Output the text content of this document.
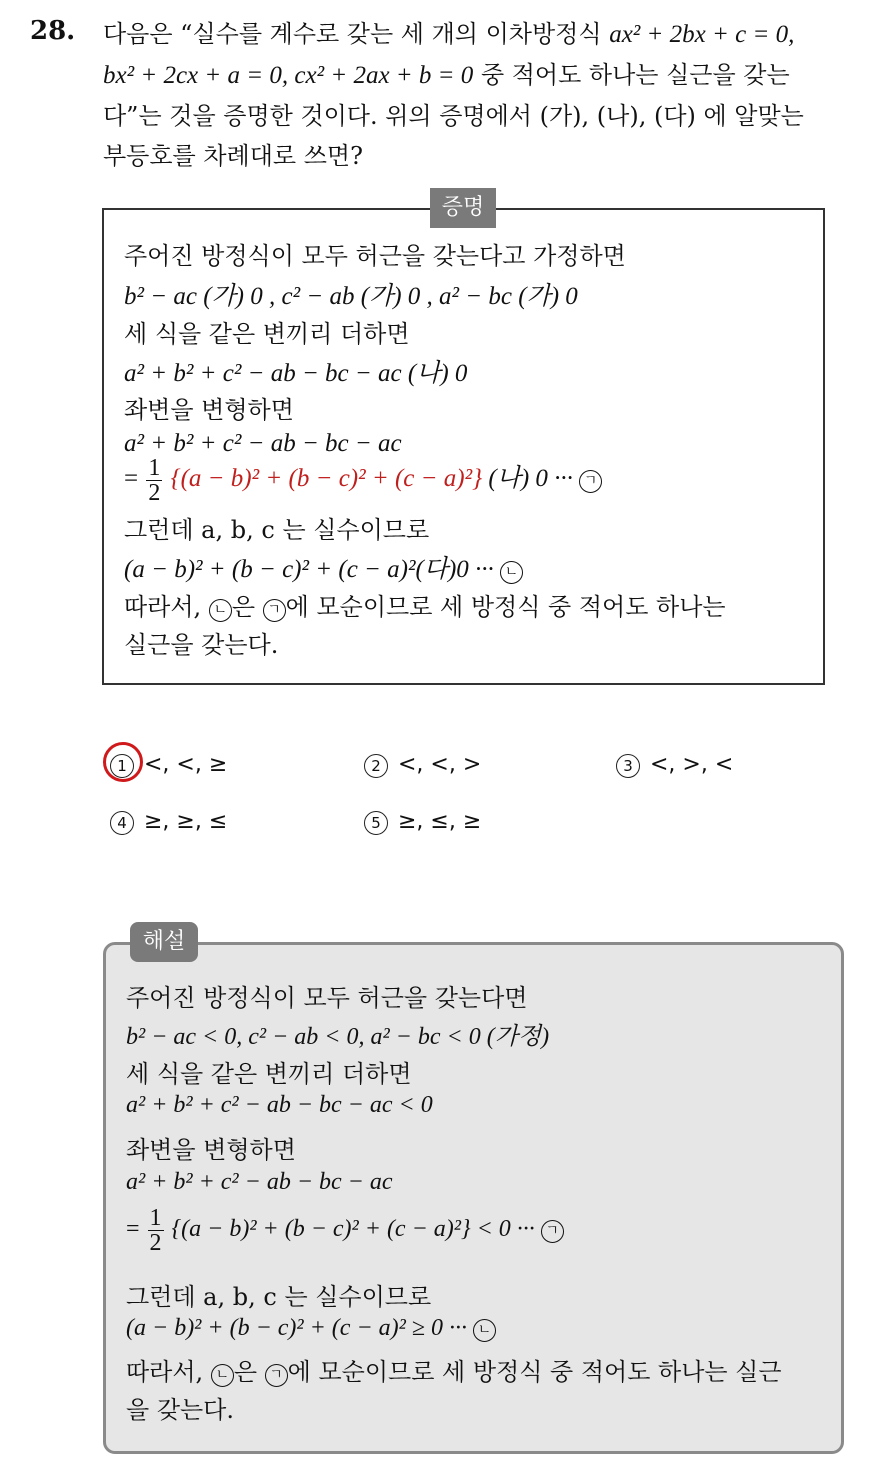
28. 다음은 “실수를 계수로 갖는 세 개의 이차방정식 ax² + 2bx + c = 0,
bx² + 2cx + a = 0, cx² + 2ax + b = 0 중 적어도 하나는 실근을 갖는
다”는 것을 증명한 것이다. 위의 증명에서 (가), (나), (다) 에 알맞는
부등호를 차례대로 쓰면?
증명
주어진 방정식이 모두 허근을 갖는다고 가정하면
b² − ac (가) 0 , c² − ab (가) 0 , a² − bc (가) 0
세 식을 같은 변끼리 더하면
a² + b² + c² − ab − bc − ac (나) 0
좌변을 변형하면
a² + b² + c² − ab − bc − ac
= $\frac{1}{2} \{(a - b)^2 + (b - c)^2 + (c - a)^2\}$ (나) 0 ··· ㄱ
그런데 a, b, c 는 실수이므로
(a − b)² + (b − c)² + (c − a)²(다)0 ··· ㄴ
따라서, ㄴ 은 ㄱ 에 모순이므로 세 방정식 중 적어도 하나는
실근을 갖는다.
1 <, <, ≥	2 <, <, >	3 <, >, <
4 ≥, ≥, ≤	5 ≥, ≤, ≥
해설
주어진 방정식이 모두 허근을 갖는다면
b² − ac < 0, c² − ab < 0, a² − bc < 0 (가정)
세 식을 같은 변끼리 더하면
a² + b² + c² − ab − bc − ac < 0
좌변을 변형하면
a² + b² + c² − ab − bc − ac
= $\frac{1}{2} \{(a - b)^2 + (b - c)^2 + (c - a)^2\} < 0$ ··· ㄱ
그런데 a, b, c 는 실수이므로
(a − b)² + (b − c)² + (c − a)² ≥ 0 ··· ㄴ
따라서, ㄴ 은 ㄱ 에 모순이므로 세 방정식 중 적어도 하나는 실근
을 갖는다.
